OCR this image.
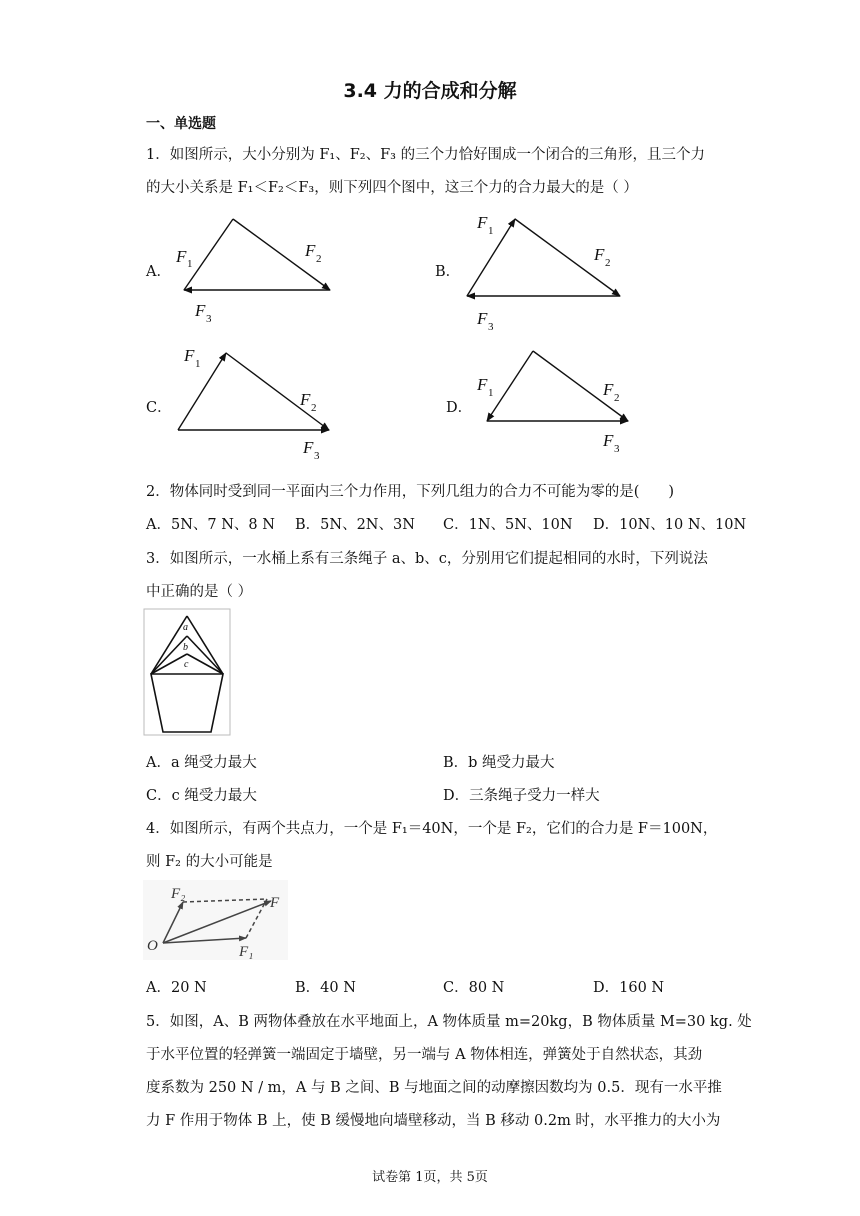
3.4 力的合成和分解
一、单选题
1．如图所示，大小分别为 F₁、F₂、F₃ 的三个力恰好围成一个闭合的三角形，且三个力
的大小关系是 F₁＜F₂＜F₃，则下列四个图中，这三个力的合力最大的是（ ）
A．	B．
C．	D．
F 1
F 2
F 3
F 1
F 2
F 3
F 1
F 2
F 3
F 1	F 2
F 3
2．物体同时受到同一平面内三个力作用，下列几组力的合力不可能为零的是(　　)
A．5N、7 N、8 N B．5N、2N、3N C．1N、5N、10N D．10N、10 N、10N
3．如图所示，一水桶上系有三条绳子 a、b、c，分别用它们提起相同的水时，下列说法
中正确的是（ ）
a
b
c
A．a 绳受力最大	B．b 绳受力最大
C．c 绳受力最大	D．三条绳子受力一样大
4．如图所示，有两个共点力，一个是 F₁＝40N，一个是 F₂，它们的合力是 F＝100N，
则 F₂ 的大小可能是
F₂
F
O	F₁
A．20 N	B．40 N	C．80 N	D．160 N
5．如图，A、B 两物体叠放在水平地面上，A 物体质量 m=20kg，B 物体质量 M=30 kg. 处
于水平位置的轻弹簧一端固定于墙壁，另一端与 A 物体相连，弹簧处于自然状态，其劲
度系数为 250 N / m，A 与 B 之间、B 与地面之间的动摩擦因数均为 0.5．现有一水平推
力 F 作用于物体 B 上，使 B 缓慢地向墙壁移动，当 B 移动 0.2m 时，水平推力的大小为
试卷第 1页，共 5页
